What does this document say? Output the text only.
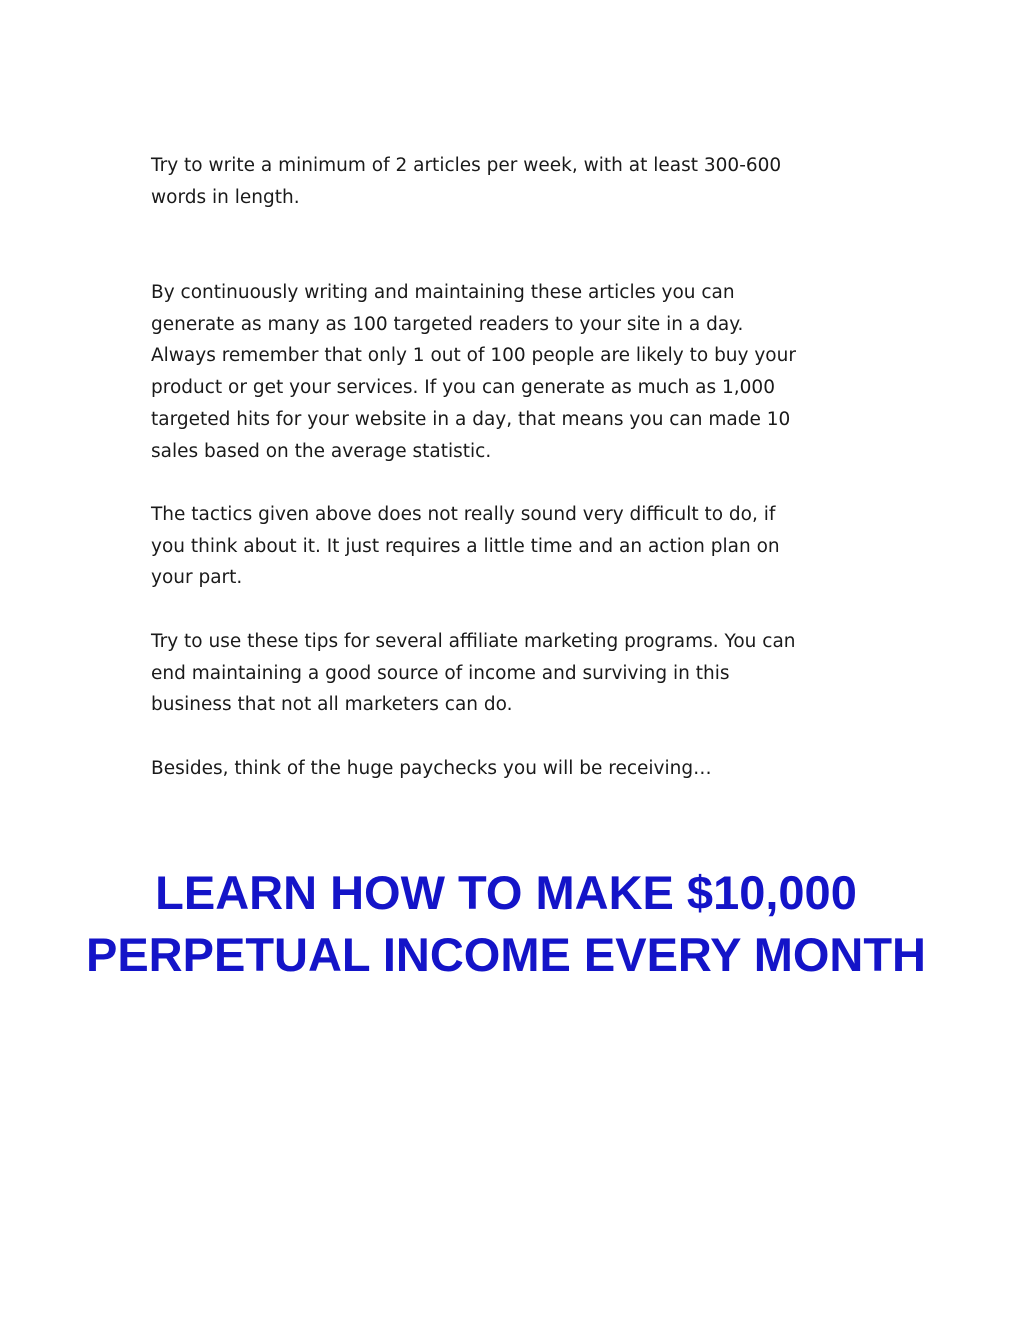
Try to write a minimum of 2 articles per week, with at least 300-600
words in length.

By continuously writing and maintaining these articles you can
generate as many as 100 targeted readers to your site in a day.
Always remember that only 1 out of 100 people are likely to buy your
product or get your services. If you can generate as much as 1,000
targeted hits for your website in a day, that means you can made 10
sales based on the average statistic.

The tactics given above does not really sound very difficult to do, if
you think about it. It just requires a little time and an action plan on
your part.

Try to use these tips for several affiliate marketing programs. You can
end maintaining a good source of income and surviving in this
business that not all marketers can do.

Besides, think of the huge paychecks you will be receiving…

LEARN HOW TO MAKE $10,000
PERPETUAL INCOME EVERY MONTH
